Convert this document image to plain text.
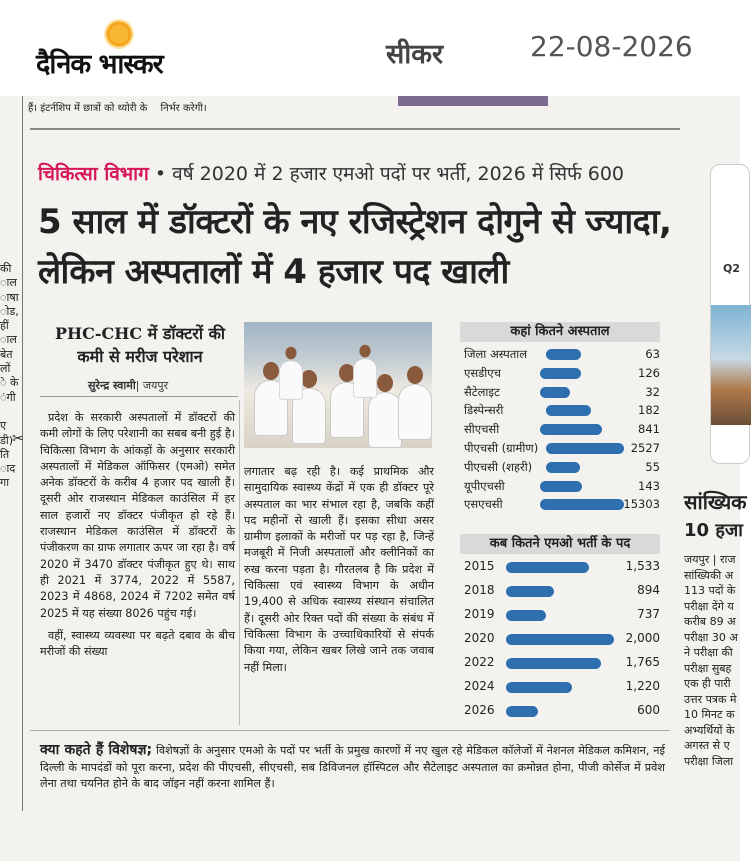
दैनिक भास्कर	सीकर	22-08-2026
हैं। इंटर्नशिप में छात्रों को थ्योरी के निर्भर करेगी।
की
ाल
ाषा
ोड,
हीं
ाल
बेत
लों
े के
ंगी
ए
डी)
ति
ाद
गा
✂
चिकित्सा विभाग • वर्ष 2020 में 2 हजार एमओ पदों पर भर्ती, 2026 में सिर्फ 600
5 साल में डॉक्टरों के नए रजिस्ट्रेशन दोगुने से ज्यादा, लेकिन अस्पतालों में 4 हजार पद खाली
PHC-CHC में डॉक्टरों की कमी से मरीज परेशान
सुरेन्द्र स्वामी| जयपुर

प्रदेश के सरकारी अस्पतालों में डॉक्टरों की कमी लोगों के लिए परेशानी का सबब बनी हुई है। चिकित्सा विभाग के आंकड़ों के अनुसार सरकारी अस्पतालों में मेडिकल ऑफिसर (एमओ) समेत अनेक डॉक्टरों के करीब 4 हजार पद खाली हैं। दूसरी ओर राजस्थान मेडिकल काउंसिल में हर साल हजारों नए डॉक्टर पंजीकृत हो रहे हैं। राजस्थान मेडिकल काउंसिल में डॉक्टरों के पंजीकरण का ग्राफ लगातार ऊपर जा रहा है। वर्ष 2020 में 3470 डॉक्टर पंजीकृत हुए थे। साथ ही 2021 में 3774, 2022 में 5587, 2023 में 4868, 2024 में 7202 समेत वर्ष 2025 में यह संख्या 8026 पहुंच गई।

वहीं, स्वास्थ्य व्यवस्था पर बढ़ते दबाव के बीच मरीजों की संख्या

लगातार बढ़ रही है। कई प्राथमिक और सामुदायिक स्वास्थ्य केंद्रों में एक ही डॉक्टर पूरे अस्पताल का भार संभाल रहा है, जबकि कहीं पद महीनों से खाली हैं। इसका सीधा असर ग्रामीण इलाकों के मरीजों पर पड़ रहा है, जिन्हें मजबूरी में निजी अस्पतालों और क्लीनिकों का रुख करना पड़ता है। गौरतलब है कि प्रदेश में चिकित्सा एवं स्वास्थ्य विभाग के अधीन 19,400 से अधिक स्वास्थ्य संस्थान संचालित हैं। दूसरी ओर रिक्त पदों की संख्या के संबंध में चिकित्सा विभाग के उच्चाधिकारियों से संपर्क किया गया, लेकिन खबर लिखे जाने तक जवाब नहीं मिला।

कहां कितने अस्पताल
जिला अस्पताल	63
एसडीएच	126
सैटेलाइट	32
डिस्पेन्सरी	182
सीएचसी	841
पीएचसी (ग्रामीण)	2527
पीएचसी (शहरी)	55
यूपीएचसी	143
एसएचसी	15303
कब कितने एमओ भर्ती के पद
2015	1,533
2018	894
2019	737
2020	2,000
2022	1,765
2024	1,220
2026	600
क्या कहते हैं विशेषज्ञ; विशेषज्ञों के अनुसार एमओ के पदों पर भर्ती के प्रमुख कारणों में नए खुल रहे मेडिकल कॉलेजों में नेशनल मेडिकल कमिशन, नई दिल्ली के मापदंडों को पूरा करना, प्रदेश की पीएचसी, सीएचसी, सब डिविजनल हॉस्पिटल और सैटेलाइट अस्पताल का क्रमोन्नत होना, पीजी कोर्सेज में प्रवेश लेना तथा चयनित होने के बाद जॉइन नहीं करना शामिल हैं।
Q2
सांख्यिक
10 हजा
जयपुर | राज
सांख्यिकी अ
113 पदों के
परीक्षा देंगे य
करीब 89 अ
परीक्षा 30 अ
ने परीक्षा की
परीक्षा सुबह
एक ही पारी
उत्तर पत्रक मे
10 मिनट क
अभ्यर्थियों के
अगस्त से ए
परीक्षा जिला
